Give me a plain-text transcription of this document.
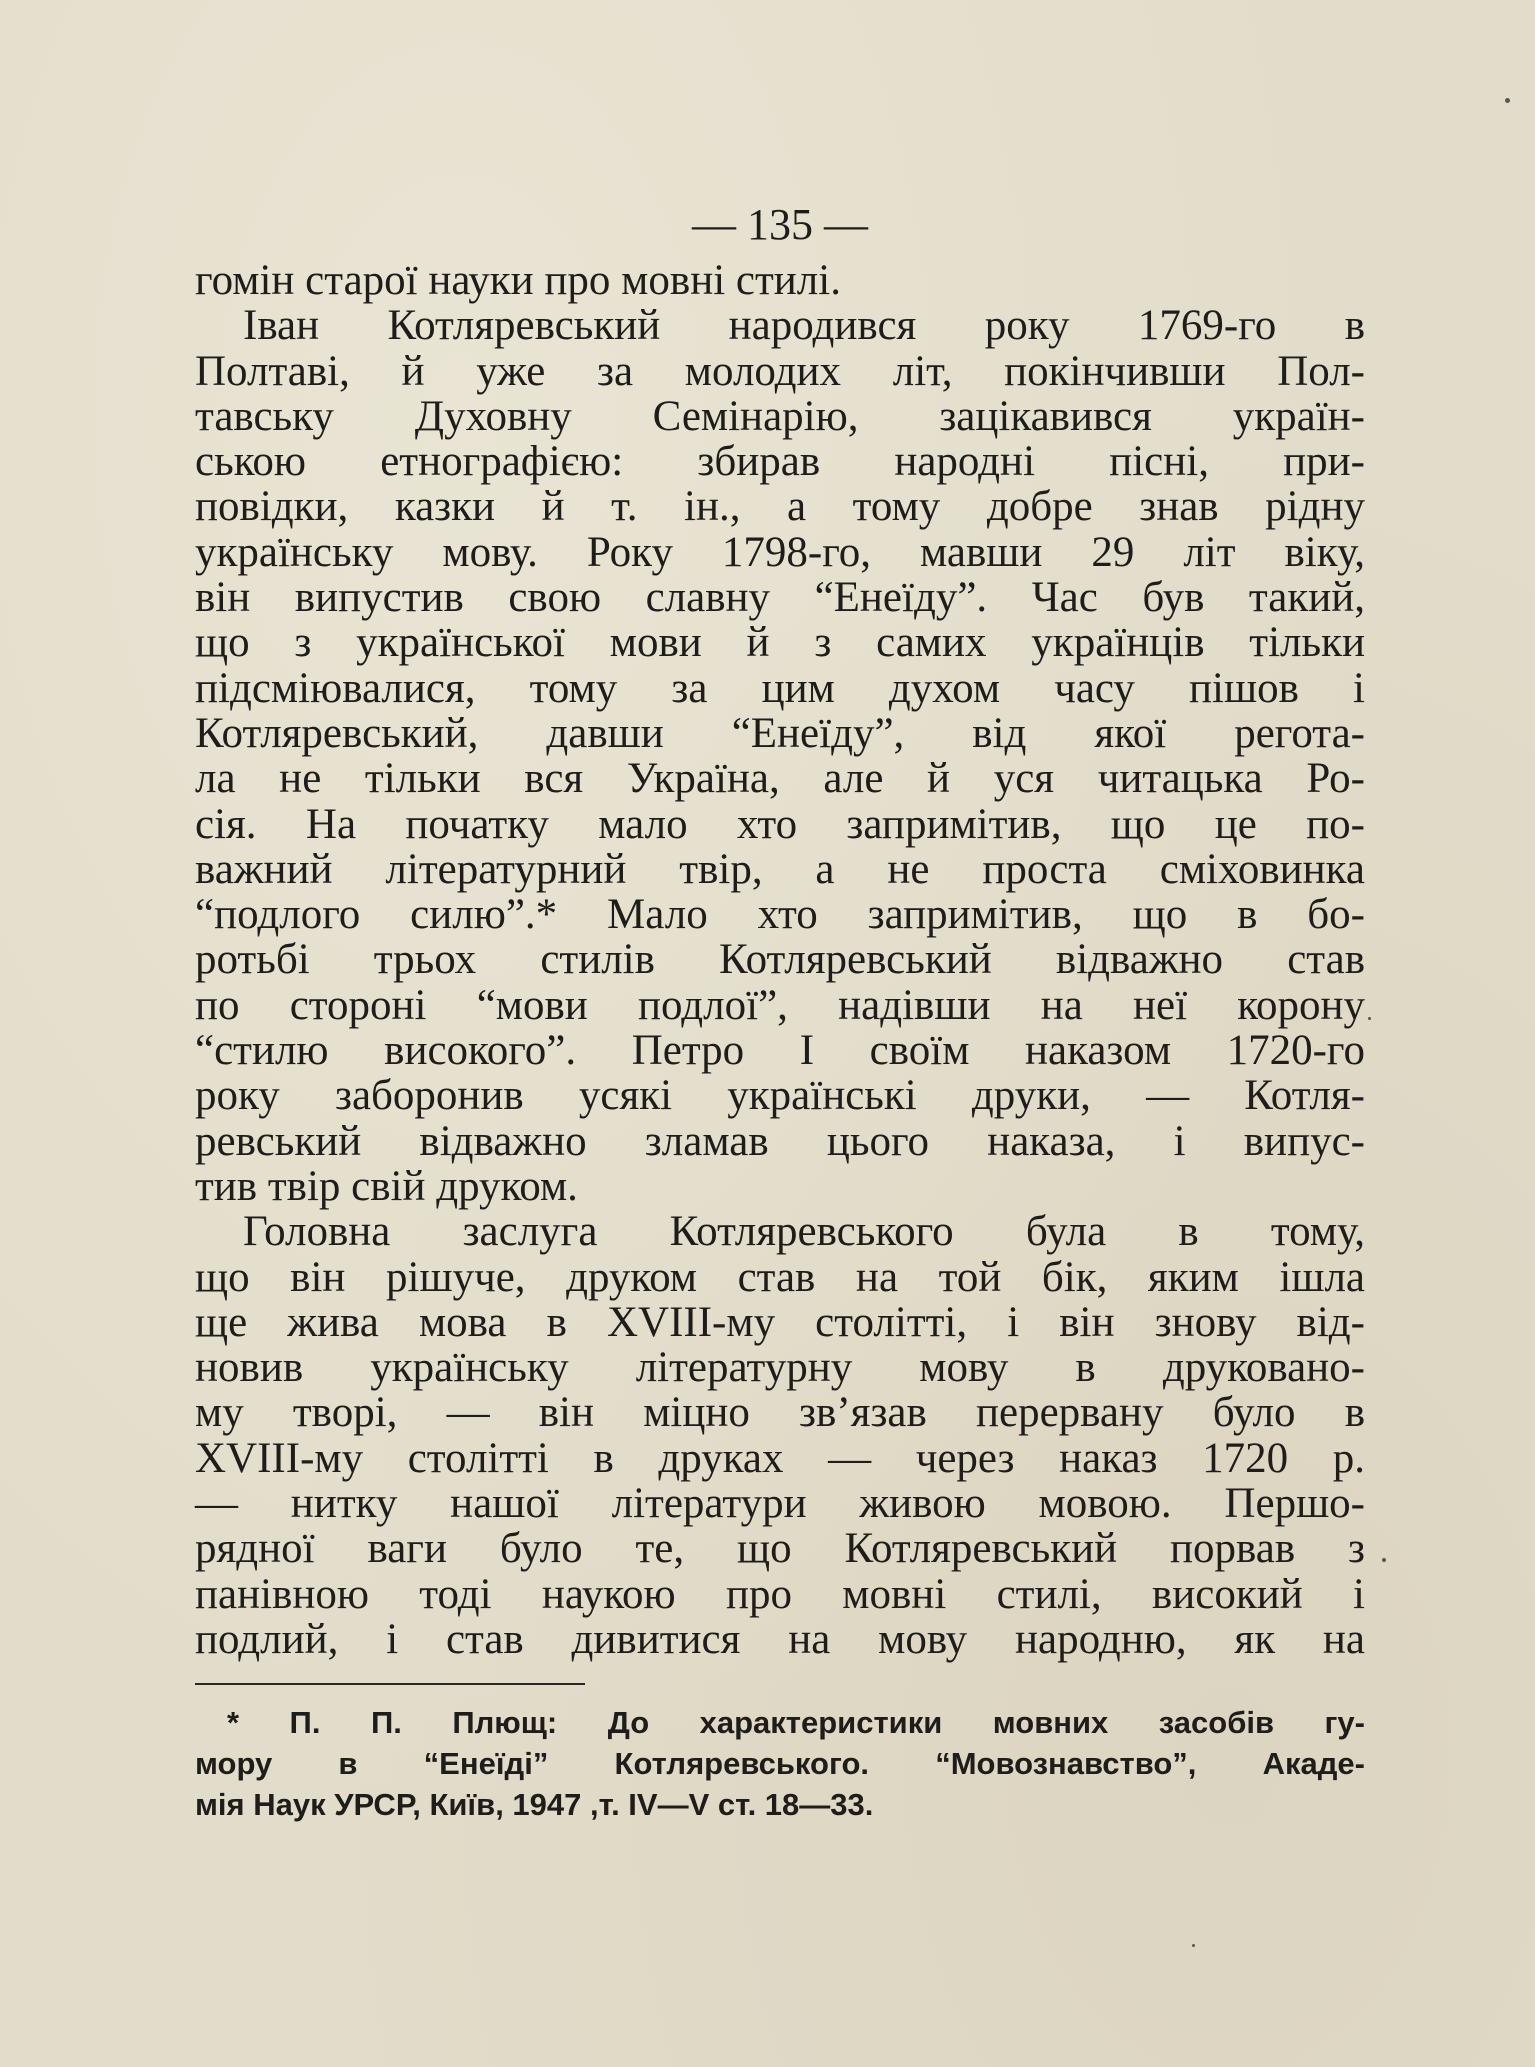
— 135 —
гомін старої науки про мовні стилі.
Іван Котляревський народився року 1769-го в
Полтаві, й уже за молодих літ, покінчивши Пол-
тавську Духовну Семінарію, зацікавився україн-
ською етнографією: збирав народні пісні, при-
повідки, казки й т. ін., а тому добре знав рідну
українську мову. Року 1798-го, мавши 29 літ віку,
він випустив свою славну “Енеїду”. Час був такий,
що з української мови й з самих українців тільки
підсміювалися, тому за цим духом часу пішов і
Котляревський, давши “Енеїду”, від якої регота-
ла не тільки вся Україна, але й уся читацька Ро-
сія. На початку мало хто запримітив, що це по-
важний літературний твір, а не проста сміховинка
“подлого силю”.* Мало хто запримітив, що в бо-
ротьбі трьох стилів Котляревський відважно став
по стороні “мови подлої”, надівши на неї корону
“стилю високого”. Петро І своїм наказом 1720-го
року заборонив усякі українські друки, — Котля-
ревський відважно зламав цього наказа, і випус-
тив твір свій друком.
Головна заслуга Котляревського була в тому,
що він рішуче, друком став на той бік, яким ішла
ще жива мова в XVIII-му столітті, і він знову від-
новив українську літературну мову в друковано-
му творі, — він міцно зв’язав перервану було в
XVIII-му столітті в друках — через наказ 1720 р.
— нитку нашої літератури живою мовою. Першо-
рядної ваги було те, що Котляревський порвав з
панівною тоді наукою про мовні стилі, високий і
подлий, і став дивитися на мову народню, як на
* П. П. Плющ: До характеристики мовних засобів гу-
мору в “Енеїді” Котляревського. “Мовознавство”, Акаде-
мія Наук УРСР, Київ, 1947 ,т. IV—V ст. 18—33.
